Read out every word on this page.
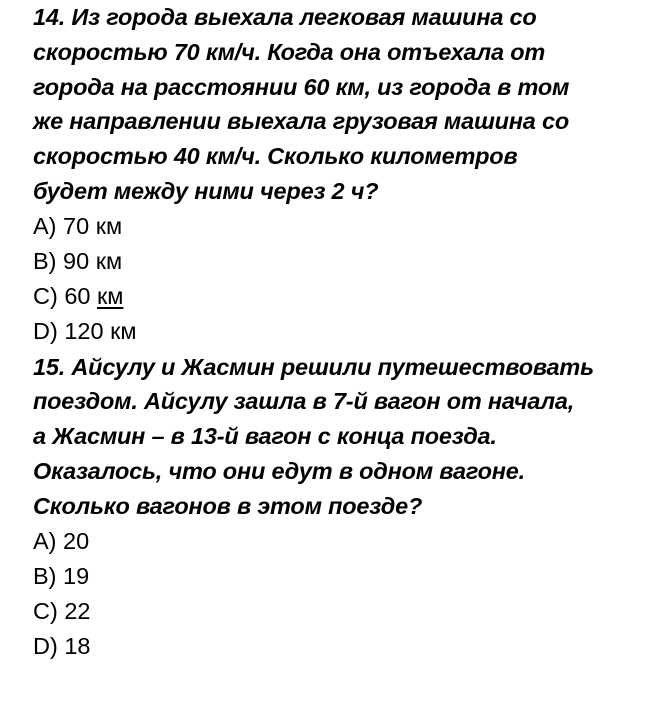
14. Из города выехала легковая машина со
скоростью 70 км/ч. Когда она отъехала от
города на расстоянии 60 км, из города в том
же направлении выехала грузовая машина со
скоростью 40 км/ч. Сколько километров
будет между ними через 2 ч?
A) 70 км
B) 90 км
C) 60 км
D) 120 км
15. Айсулу и Жасмин решили путешествовать
поездом. Айсулу зашла в 7-й вагон от начала,
а Жасмин – в 13-й вагон с конца поезда.
Оказалось, что они едут в одном вагоне.
Сколько вагонов в этом поезде?
A) 20
B) 19
C) 22
D) 18
